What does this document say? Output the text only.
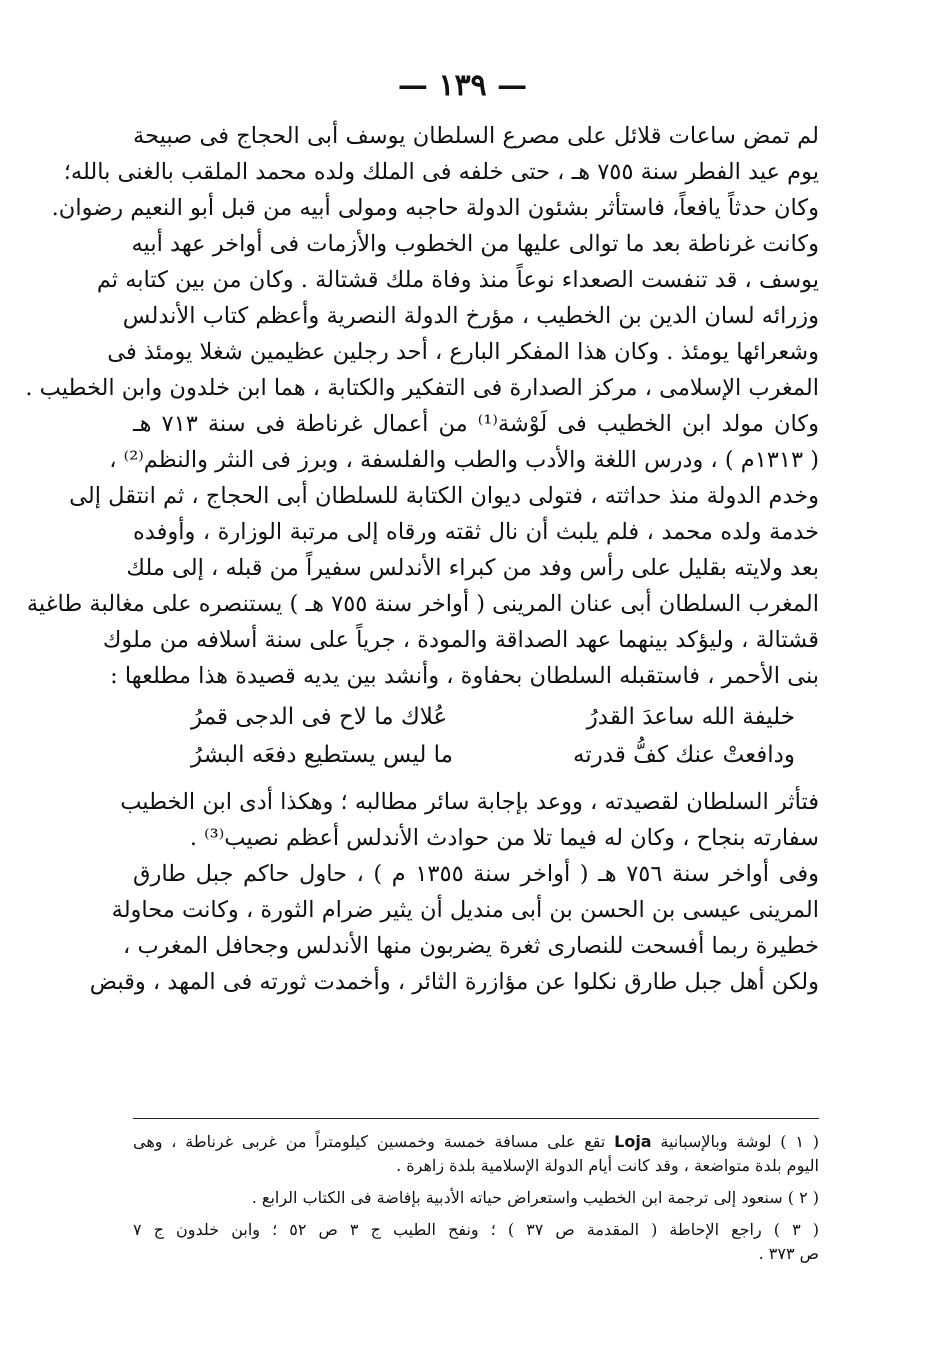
— ١٣٩ —
لم تمض ساعات قلائل على مصرع السلطان يوسف أبى الحجاج فى صبيحة
يوم عيد الفطر سنة ٧٥٥ هـ ، حتى خلفه فى الملك ولده محمد الملقب بالغنى بالله؛
وكان حدثاً يافعاً، فاستأثر بشئون الدولة حاجبه ومولى أبيه من قبل أبو النعيم رضوان.
وكانت غرناطة بعد ما توالى عليها من الخطوب والأزمات فى أواخر عهد أبيه
يوسف ، قد تنفست الصعداء نوعاً منذ وفاة ملك قشتالة . وكان من بين كتابه ثم
وزرائه لسان الدين بن الخطيب ، مؤرخ الدولة النصرية وأعظم كتاب الأندلس
وشعرائها يومئذ . وكان هذا المفكر البارع ، أحد رجلين عظيمين شغلا يومئذ فى
المغرب الإسلامى ، مركز الصدارة فى التفكير والكتابة ، هما ابن خلدون وابن الخطيب .
وكان مولد ابن الخطيب فى لَوْشة⁽¹⁾ من أعمال غرناطة فى سنة ٧١٣ هـ
( ١٣١٣م ) ، ودرس اللغة والأدب والطب والفلسفة ، وبرز فى النثر والنظم⁽²⁾ ،
وخدم الدولة منذ حداثته ، فتولى ديوان الكتابة للسلطان أبى الحجاج ، ثم انتقل إلى
خدمة ولده محمد ، فلم يلبث أن نال ثقته ورقاه إلى مرتبة الوزارة ، وأوفده
بعد ولايته بقليل على رأس وفد من كبراء الأندلس سفيراً من قبله ، إلى ملك
المغرب السلطان أبى عنان المرينى ( أواخر سنة ٧٥٥ هـ ) يستنصره على مغالبة طاغية
قشتالة ، وليؤكد بينهما عهد الصداقة والمودة ، جرياً على سنة أسلافه من ملوك
بنى الأحمر ، فاستقبله السلطان بحفاوة ، وأنشد بين يديه قصيدة هذا مطلعها :
خليفة الله ساعدَ القدرُ
عُلاك ما لاح فى الدجى قمرُ
ودافعتْ عنك كفُّ قدرته
ما ليس يستطيع دفعَه البشرُ
فتأثر السلطان لقصيدته ، ووعد بإجابة سائر مطالبه ؛ وهكذا أدى ابن الخطيب
سفارته بنجاح ، وكان له فيما تلا من حوادث الأندلس أعظم نصيب⁽³⁾ .
وفى أواخر سنة ٧٥٦ هـ ( أواخر سنة ١٣٥٥ م ) ، حاول حاكم جبل طارق
المرينى عيسى بن الحسن بن أبى منديل أن يثير ضرام الثورة ، وكانت محاولة
خطيرة ربما أفسحت للنصارى ثغرة يضربون منها الأندلس وجحافل المغرب ،
ولكن أهل جبل طارق نكلوا عن مؤازرة الثائر ، وأخمدت ثورته فى المهد ، وقبض
( ١ ) لوشة وبالإسبانية Loja تقع على مسافة خمسة وخمسين كيلومتراً من غربى غرناطة ، وهى
اليوم بلدة متواضعة ، وقد كانت أيام الدولة الإسلامية بلدة زاهرة .
( ٢ ) سنعود إلى ترجمة ابن الخطيب واستعراض حياته الأدبية بإفاضة فى الكتاب الرابع .
( ٣ ) راجع الإحاطة ( المقدمة ص ٣٧ ) ؛ ونفح الطيب ج ٣ ص ٥٢ ؛ وابن خلدون ج ٧
ص ٣٧٣ .
